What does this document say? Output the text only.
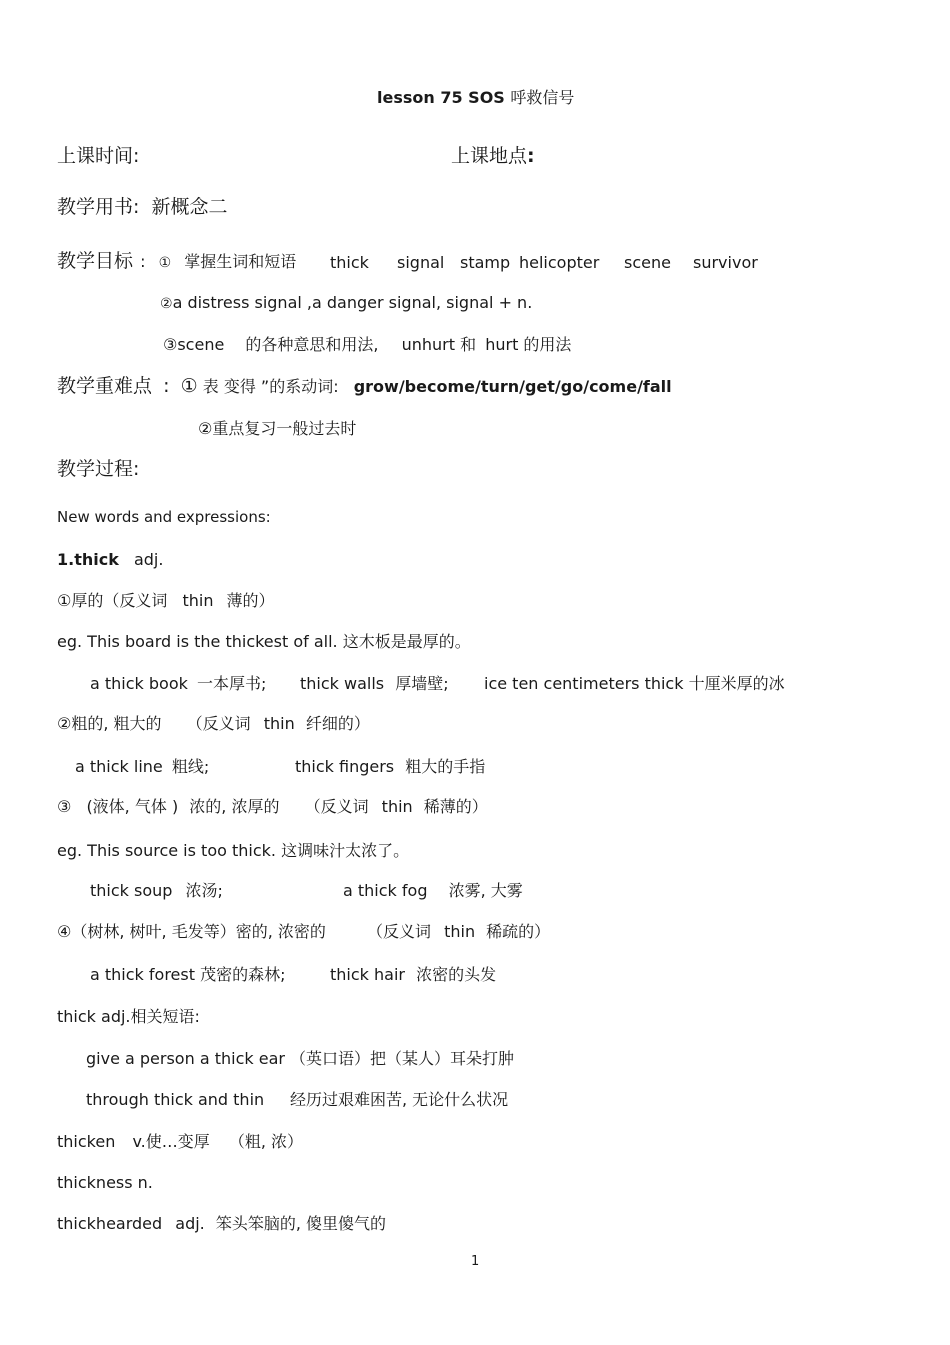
lesson 75 SOS 呼救信号
上课时间:	上课地点:
教学用书: 新概念二
教学目标 : ① 掌握生词和短语 thick signal stamp helicopter scene survivor
②a distress signal ,a danger signal, signal + n.
③scene 的各种意思和用法, unhurt 和 hurt 的用法
教学重难点 : ① 表 变得 ”的系动词: grow/become/turn/get/go/come/fall
②重点复习一般过去时
教学过程:
New words and expressions:
1.thick adj.
①厚的（反义词 thin 薄的）
eg. This board is the thickest of all. 这木板是最厚的。
a thick book 一本厚书; thick walls 厚墙壁; ice ten centimeters thick 十厘米厚的冰
②粗的, 粗大的 （反义词 thin 纤细的）
a thick line 粗线;	thick fingers 粗大的手指
③ (液体, 气体 ) 浓的, 浓厚的 （反义词 thin 稀薄的）
eg. This source is too thick. 这调味汁太浓了。
thick soup 浓汤;	a thick fog 浓雾, 大雾
④（树林, 树叶, 毛发等）密的, 浓密的	（反义词 thin 稀疏的）
a thick forest 茂密的森林;	thick hair 浓密的头发
thick adj.相关短语:
give a person a thick ear （英口语）把（某人）耳朵打肿
through thick and thin 经历过艰难困苦, 无论什么状况
thicken v.使…变厚 （粗, 浓）
thickness n.
thickhearded adj. 笨头笨脑的, 傻里傻气的
1
